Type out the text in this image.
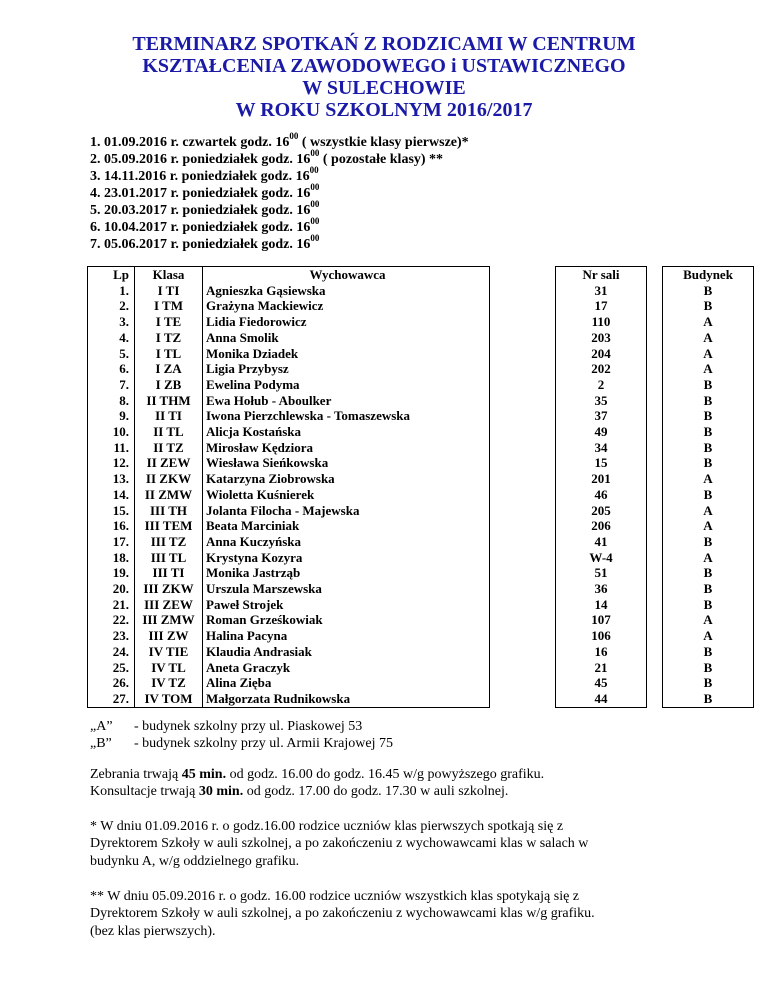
TERMINARZ SPOTKAŃ Z RODZICAMI W CENTRUM
KSZTAŁCENIA ZAWODOWEGO i USTAWICZNEGO
W SULECHOWIE
W ROKU SZKOLNYM 2016/2017
1. 01.09.2016 r. czwartek godz. $16^{00}$ ( wszystkie klasy pierwsze)*
2. 05.09.2016 r. poniedziałek godz. $16^{00}$ ( pozostałe klasy) **
3. 14.11.2016 r. poniedziałek godz. $16^{00}$
4. 23.01.2017 r. poniedziałek godz. $16^{00}$
5. 20.03.2017 r. poniedziałek godz. $16^{00}$
6. 10.04.2017 r. poniedziałek godz. $16^{00}$
7. 05.06.2017 r. poniedziałek godz. $16^{00}$
Lp	Klasa	Wychowawca		Nr sali		Budynek
1.	I TI	Agnieszka Gąsiewska		31		B
2.	I TM	Grażyna Mackiewicz		17		B
3.	I TE	Lidia Fiedorowicz		110		A
4.	I TZ	Anna Smolik		203		A
5.	I TL	Monika Dziadek		204		A
6.	I ZA	Ligia Przybysz		202		A
7.	I ZB	Ewelina Podyma		2		B
8.	II THM	Ewa Hołub - Aboulker		35		B
9.	II TI	Iwona Pierzchlewska - Tomaszewska		37		B
10.	II TL	Alicja Kostańska		49		B
11.	II TZ	Mirosław Kędziora		34		B
12.	II ZEW	Wiesława Sieńkowska		15		B
13.	II ZKW	Katarzyna Ziobrowska		201		A
14.	II ZMW	Wioletta Kuśnierek		46		B
15.	III TH	Jolanta Filocha - Majewska		205		A
16.	III TEM	Beata Marciniak		206		A
17.	III TZ	Anna Kuczyńska		41		B
18.	III TL	Krystyna Kozyra		W-4		A
19.	III TI	Monika Jastrząb		51		B
20.	III ZKW	Urszula Marszewska		36		B
21.	III ZEW	Paweł Strojek		14		B
22.	III ZMW	Roman Grześkowiak		107		A
23.	III ZW	Halina Pacyna		106		A
24.	IV TIE	Klaudia Andrasiak		16		B
25.	IV TL	Aneta Graczyk		21		B
26.	IV TZ	Alina Zięba		45		B
27.	IV TOM	Małgorzata Rudnikowska		44		B
„A” - budynek szkolny przy ul. Piaskowej 53
„B” - budynek szkolny przy ul. Armii Krajowej 75
Zebrania trwają 45 min. od godz. 16.00 do godz. 16.45 w/g powyższego grafiku.
Konsultacje trwają 30 min. od godz. 17.00 do godz. 17.30 w auli szkolnej.
* W dniu 01.09.2016 r. o godz.16.00 rodzice uczniów klas pierwszych spotkają się z
Dyrektorem Szkoły w auli szkolnej, a po zakończeniu z wychowawcami klas w salach w
budynku A, w/g oddzielnego grafiku.
** W dniu 05.09.2016 r. o godz. 16.00 rodzice uczniów wszystkich klas spotykają się z
Dyrektorem Szkoły w auli szkolnej, a po zakończeniu z wychowawcami klas w/g grafiku.
(bez klas pierwszych).
